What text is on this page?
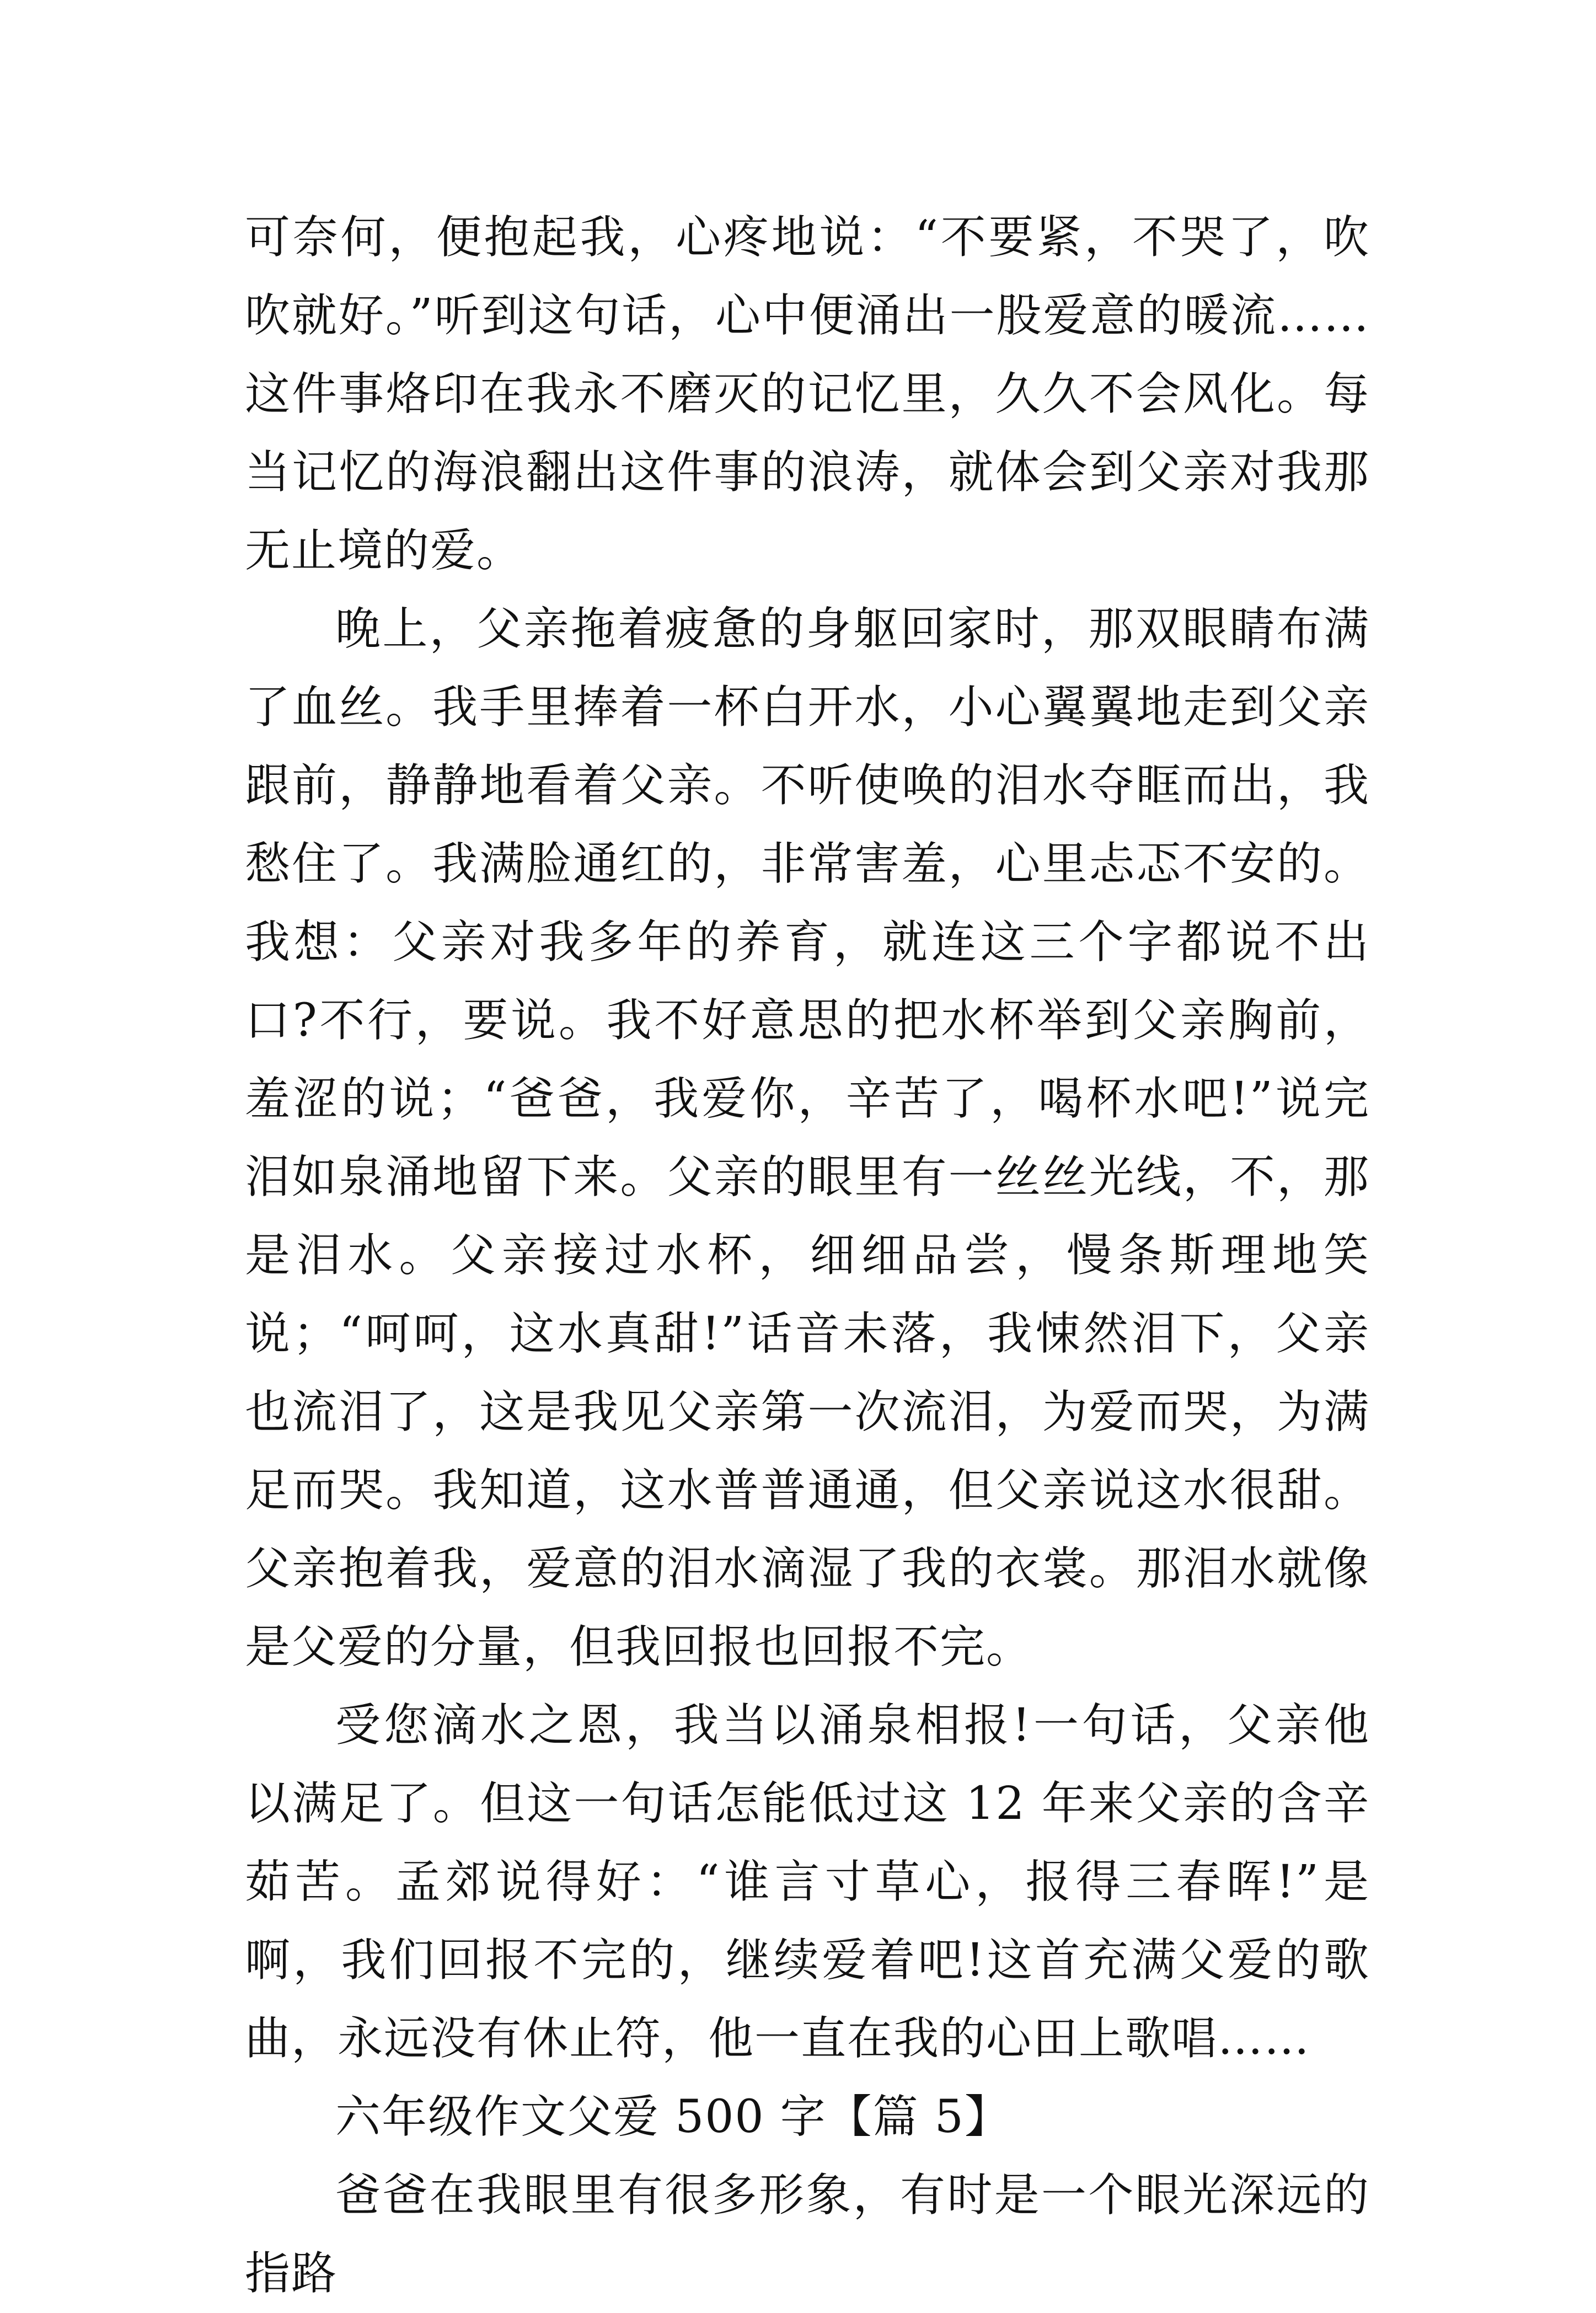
可奈何，便抱起我，心疼地说：“不要紧，不哭了，吹吹就好。”听到这句话，心中便涌出一股爱意的暖流……这件事烙印在我永不磨灭的记忆里，久久不会风化。每当记忆的海浪翻出这件事的浪涛，就体会到父亲对我那无止境的爱。

晚上，父亲拖着疲惫的身躯回家时，那双眼睛布满了血丝。我手里捧着一杯白开水，小心翼翼地走到父亲跟前，静静地看着父亲。不听使唤的泪水夺眶而出，我愁住了。我满脸通红的，非常害羞，心里忐忑不安的。我想：父亲对我多年的养育，就连这三个字都说不出口?不行，要说。我不好意思的把水杯举到父亲胸前，羞涩的说；“爸爸，我爱你，辛苦了，喝杯水吧!”说完泪如泉涌地留下来。父亲的眼里有一丝丝光线，不，那是泪水。父亲接过水杯，细细品尝，慢条斯理地笑说；“呵呵，这水真甜!”话音未落，我悚然泪下，父亲也流泪了，这是我见父亲第一次流泪，为爱而哭，为满足而哭。我知道，这水普普通通，但父亲说这水很甜。父亲抱着我，爱意的泪水滴湿了我的衣裳。那泪水就像是父爱的分量，但我回报也回报不完。

受您滴水之恩，我当以涌泉相报!一句话，父亲他以满足了。但这一句话怎能低过这 12 年来父亲的含辛茹苦。孟郊说得好：“谁言寸草心，报得三春晖!”是啊，我们回报不完的，继续爱着吧!这首充满父爱的歌曲，永远没有休止符，他一直在我的心田上歌唱……

六年级作文父爱 500 字【篇 5】

爸爸在我眼里有很多形象，有时是一个眼光深远的指路
